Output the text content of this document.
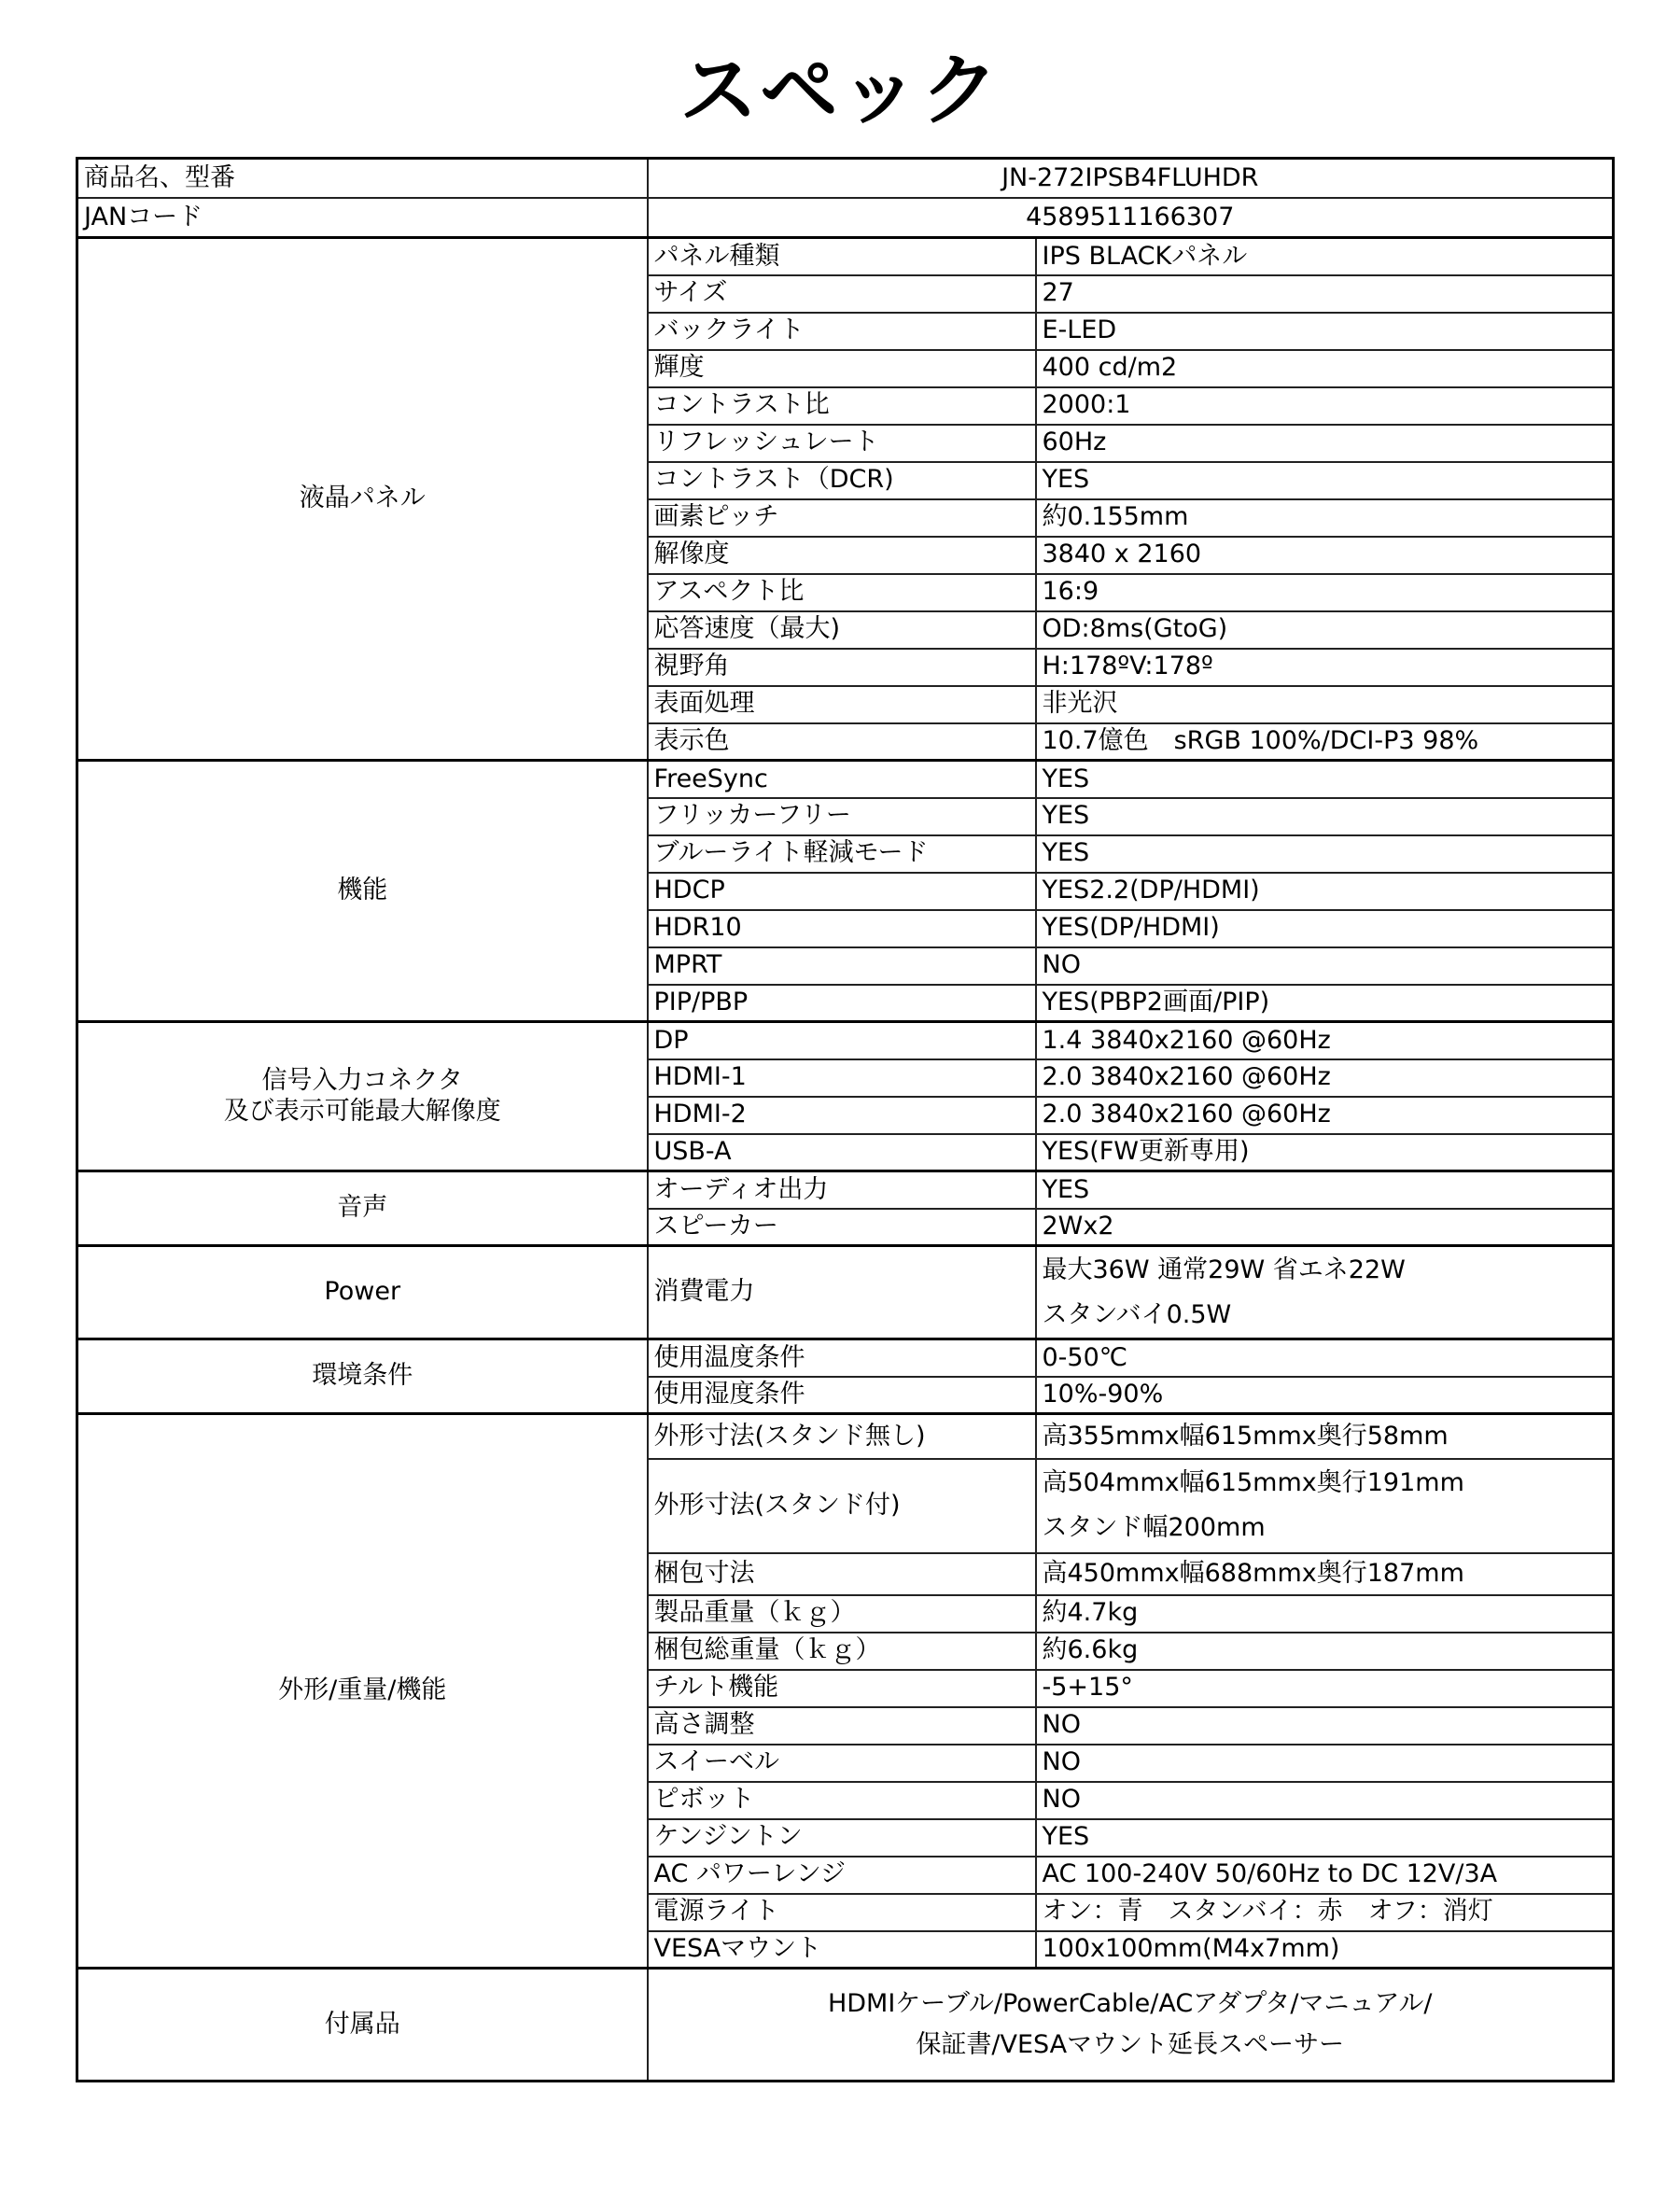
スペック
商品名、型番	JN-272IPSB4FLUHDR	
JANコード	4589511166307	
液晶パネル	パネル種類	IPS BLACKパネル
	サイズ	27
	バックライト	E-LED
	輝度	400 cd/m2
	コントラスト比	2000:1
	リフレッシュレート	60Hz
	コントラスト（DCR)	YES
	画素ピッチ	約0.155mm
	解像度	3840 x 2160
	アスペクト比	16:9
	応答速度（最大)	OD:8ms(GtoG)
	視野角	H:178ºV:178º
	表面処理	非光沢
	表示色	10.7億色　sRGB 100%/DCI-P3 98%
機能	FreeSync	YES
	フリッカーフリー	YES
	ブルーライト軽減モード	YES
	HDCP	YES2.2(DP/HDMI)
	HDR10	YES(DP/HDMI)
	MPRT	NO
	PIP/PBP	YES(PBP2画面/PIP)
信号入力コネクタ
及び表示可能最大解像度	DP	1.4 3840x2160 @60Hz
	HDMI-1	2.0 3840x2160 @60Hz
	HDMI-2	2.0 3840x2160 @60Hz
	USB-A	YES(FW更新専用)
音声	オーディオ出力	YES
	スピーカー	2Wx2
Power	消費電力	最大36W 通常29W 省エネ22W
スタンバイ0.5W
環境条件	使用温度条件	0-50℃
	使用湿度条件	10%-90%
外形/重量/機能	外形寸法(スタンド無し)	高355mmx幅615mmx奥行58mm
	外形寸法(スタンド付)	高504mmx幅615mmx奥行191mm
スタンド幅200mm
	梱包寸法	高450mmx幅688mmx奥行187mm
	製品重量（ｋｇ）	約4.7kg
	梱包総重量（ｋｇ）	約6.6kg
	チルト機能	-5+15°
	高さ調整	NO
	スイーベル	NO
	ピボット	NO
	ケンジントン	YES
	AC パワーレンジ	AC 100-240V 50/60Hz to DC 12V/3A
	電源ライト	オン：青　スタンバイ：赤　オフ：消灯
	VESAマウント	100x100mm(M4x7mm)
付属品	HDMIケーブル/PowerCable/ACアダプタ/マニュアル/
保証書/VESAマウント延長スペーサー	
